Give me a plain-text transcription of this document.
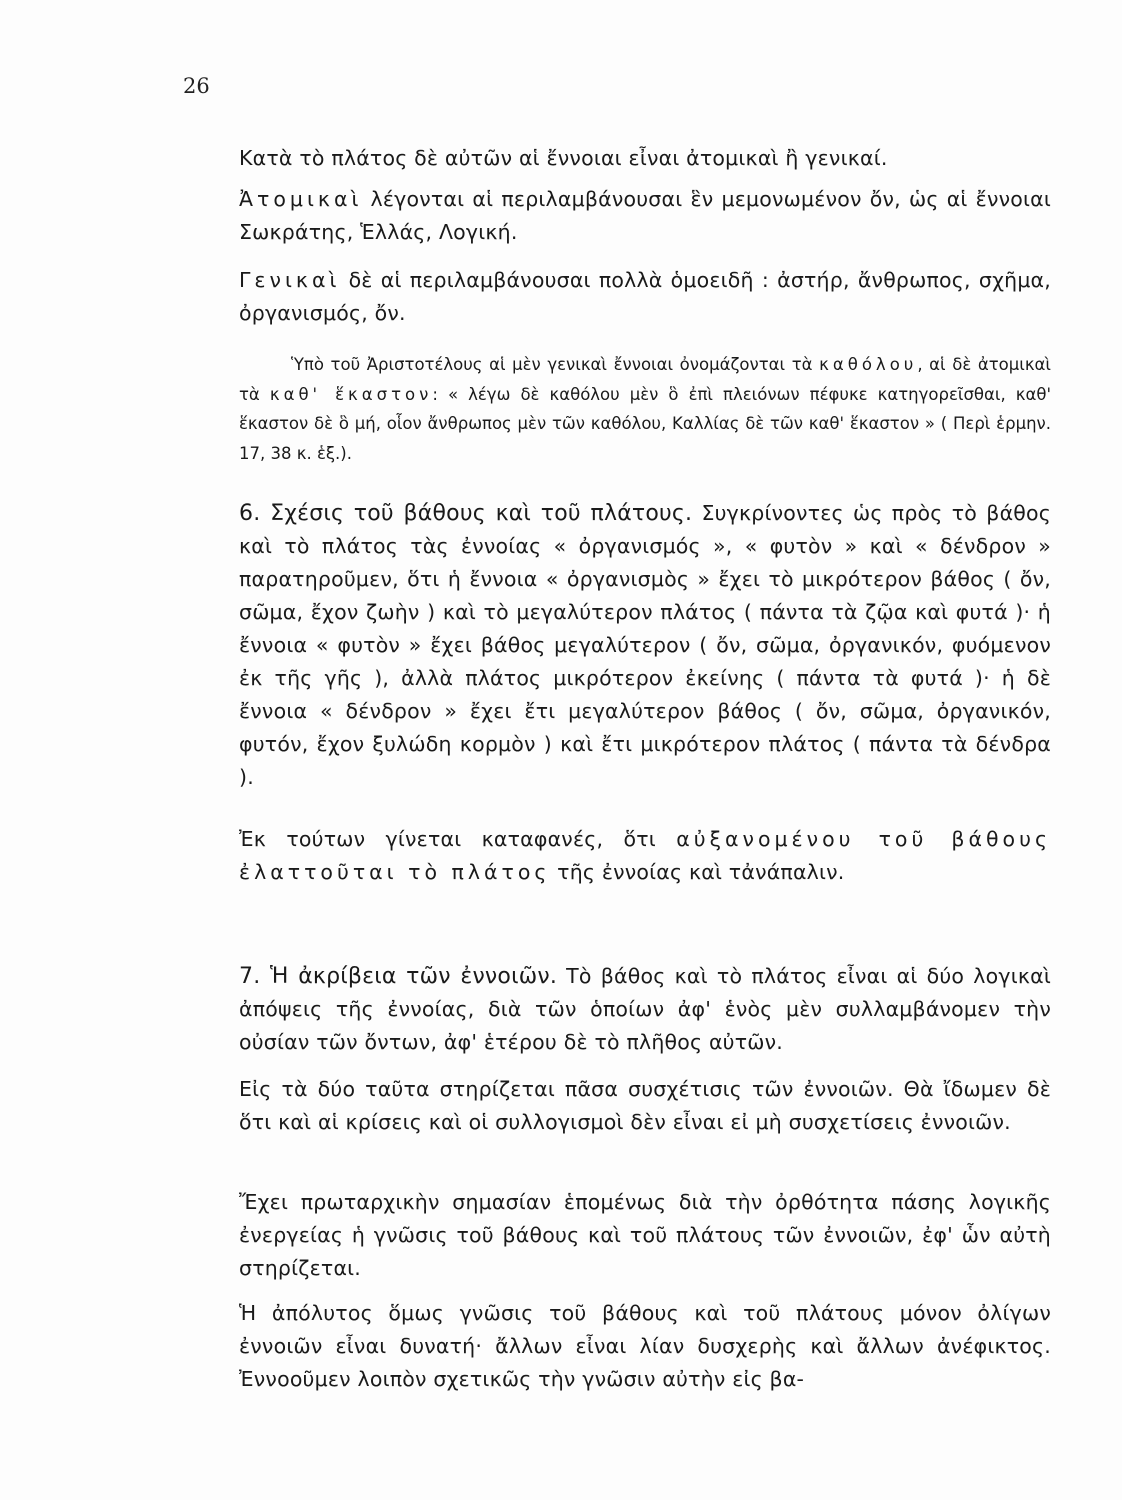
26

Κατὰ τὸ πλάτος δὲ αὐτῶν αἱ ἔννοιαι εἶναι ἀτομικαὶ ἢ γενικαί.

Ἀτομικαὶ λέγονται αἱ περιλαμβάνουσαι ἓν μεμονωμένον ὄν, ὡς αἱ ἔννοιαι Σωκράτης, Ἑλλάς, Λογική.

Γενικαὶ δὲ αἱ περιλαμβάνουσαι πολλὰ ὁμοειδῆ : ἀστήρ, ἄνθρωπος, σχῆμα, ὀργανισμός, ὄν.

Ὑπὸ τοῦ Ἀριστοτέλους αἱ μὲν γενικαὶ ἔννοιαι ὀνομάζονται τὰ καθόλου, αἱ δὲ ἀτομικαὶ τὰ καθ' ἕκαστον: « λέγω δὲ καθόλου μὲν ὃ ἐπὶ πλειόνων πέφυκε κατηγορεῖσθαι, καθ' ἕκαστον δὲ ὃ μή, οἷον ἄνθρωπος μὲν τῶν καθόλου, Καλλίας δὲ τῶν καθ' ἕκαστον » ( Περὶ ἑρμην. 17, 38 κ. ἑξ.).

6. Σχέσις τοῦ βάθους καὶ τοῦ πλάτους. Συγκρίνοντες ὡς πρὸς τὸ βάθος καὶ τὸ πλάτος τὰς ἐννοίας « ὀργανισμός », « φυτὸν » καὶ « δένδρον » παρατηροῦμεν, ὅτι ἡ ἔννοια « ὀργανισμὸς » ἔχει τὸ μικρότερον βάθος ( ὄν, σῶμα, ἔχον ζωὴν ) καὶ τὸ μεγαλύτερον πλάτος ( πάντα τὰ ζῷα καὶ φυτά )· ἡ ἔννοια « φυτὸν » ἔχει βάθος μεγαλύτερον ( ὄν, σῶμα, ὀργανικόν, φυόμενον ἐκ τῆς γῆς ), ἀλλὰ πλάτος μικρότερον ἐκείνης ( πάντα τὰ φυτά )· ἡ δὲ ἔννοια « δένδρον » ἔχει ἔτι μεγαλύτερον βάθος ( ὄν, σῶμα, ὀργανικόν, φυτόν, ἔχον ξυλώδη κορμὸν ) καὶ ἔτι μικρότερον πλάτος ( πάντα τὰ δένδρα ).

Ἐκ τούτων γίνεται καταφανές, ὅτι αὐξανομένου τοῦ βάθους ἐλαττοῦται τὸ πλάτος τῆς ἐννοίας καὶ τἀνάπαλιν.

7. Ἡ ἀκρίβεια τῶν ἐννοιῶν. Τὸ βάθος καὶ τὸ πλάτος εἶναι αἱ δύο λογικαὶ ἀπόψεις τῆς ἐννοίας, διὰ τῶν ὁποίων ἀφ' ἑνὸς μὲν συλλαμβάνομεν τὴν οὐσίαν τῶν ὄντων, ἀφ' ἑτέρου δὲ τὸ πλῆθος αὐτῶν.

Εἰς τὰ δύο ταῦτα στηρίζεται πᾶσα συσχέτισις τῶν ἐννοιῶν. Θὰ ἴδωμεν δὲ ὅτι καὶ αἱ κρίσεις καὶ οἱ συλλογισμοὶ δὲν εἶναι εἰ μὴ συσχετίσεις ἐννοιῶν.

Ἔχει πρωταρχικὴν σημασίαν ἑπομένως διὰ τὴν ὀρθότητα πάσης λογικῆς ἐνεργείας ἡ γνῶσις τοῦ βάθους καὶ τοῦ πλάτους τῶν ἐννοιῶν, ἐφ' ὧν αὐτὴ στηρίζεται.

Ἡ ἀπόλυτος ὅμως γνῶσις τοῦ βάθους καὶ τοῦ πλάτους μόνον ὀλίγων ἐννοιῶν εἶναι δυνατή· ἄλλων εἶναι λίαν δυσχερὴς καὶ ἄλλων ἀνέφικτος. Ἐννοοῦμεν λοιπὸν σχετικῶς τὴν γνῶσιν αὐτὴν εἰς βα-
